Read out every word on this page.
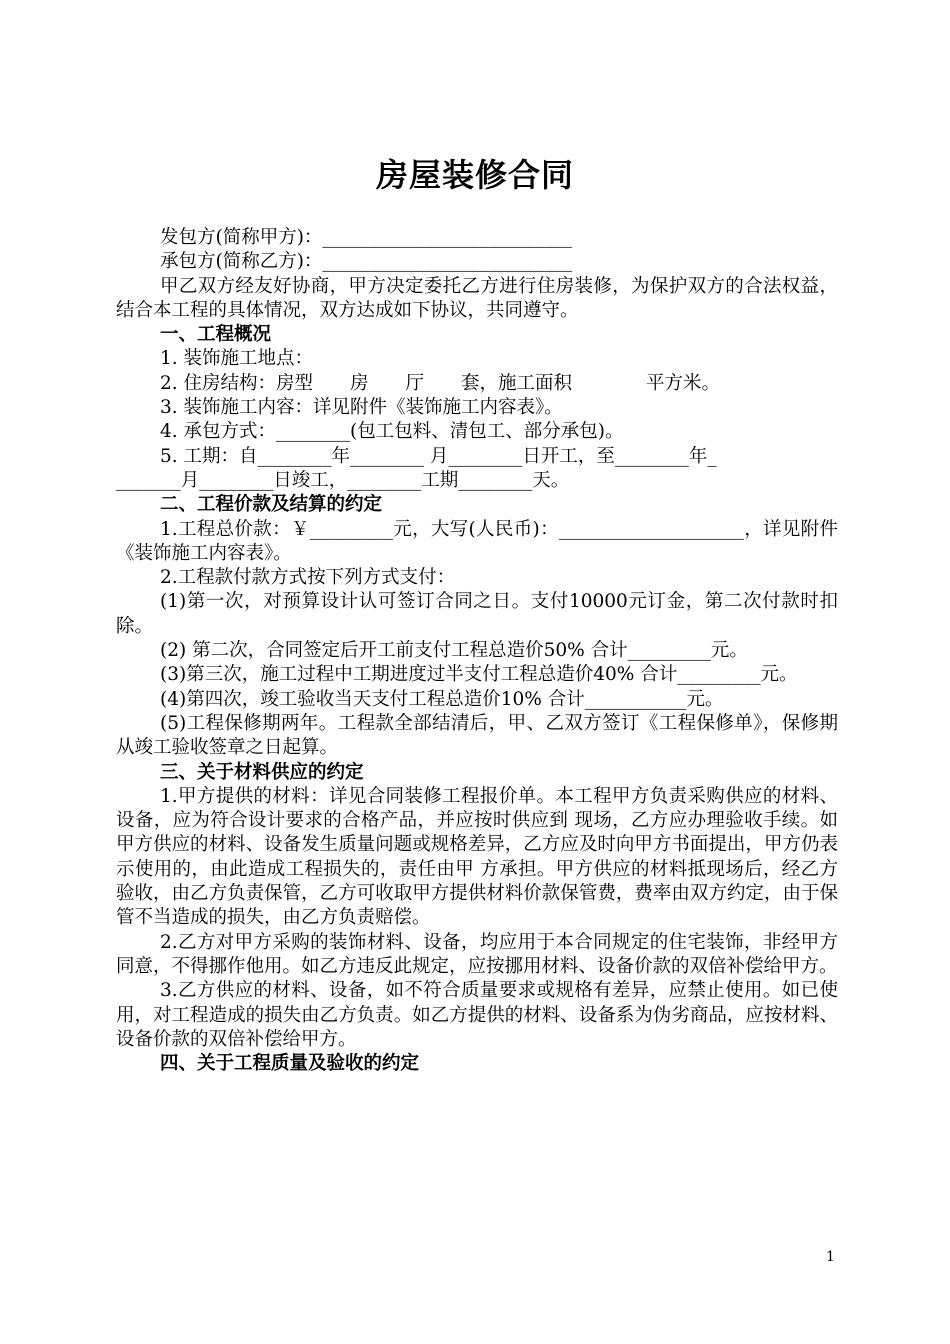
房屋装修合同

发包方(简称甲方)：___________________________

承包方(简称乙方)：___________________________

甲乙双方经友好协商，甲方决定委托乙方进行住房装修，为保护双方的合法权益，结合本工程的具体情况，双方达成如下协议，共同遵守。

一、工程概况

1. 装饰施工地点：

2. 住房结构：房型　　房　　厅　　套，施工面积　　　　平方米。

3. 装饰施工内容：详见附件《装饰施工内容表》。

4. 承包方式：________(包工包料、清包工、部分承包)。

5. 工期：自________年________ 月________日开工，至________年_

_______月________日竣工，________工期________天。

二、工程价款及结算的约定

1.工程总价款：￥_________元，大写(人民币)：____________________，详见附件《装饰施工内容表》。

2.工程款付款方式按下列方式支付：

(1)第一次，对预算设计认可签订合同之日。支付10000元订金，第二次付款时扣除。

(2) 第二次，合同签定后开工前支付工程总造价50% 合计_________元。

(3)第三次，施工过程中工期进度过半支付工程总造价40% 合计_________元。

(4)第四次，竣工验收当天支付工程总造价10% 合计___________元。

(5)工程保修期两年。工程款全部结清后，甲、乙双方签订《工程保修单》，保修期从竣工验收签章之日起算。

三、关于材料供应的约定

1.甲方提供的材料：详见合同装修工程报价单。本工程甲方负责采购供应的材料、设备，应为符合设计要求的合格产品，并应按时供应到 现场，乙方应办理验收手续。如甲方供应的材料、设备发生质量问题或规格差异，乙方应及时向甲方书面提出，甲方仍表示使用的，由此造成工程损失的，责任由甲 方承担。甲方供应的材料抵现场后，经乙方验收，由乙方负责保管，乙方可收取甲方提供材料价款保管费，费率由双方约定，由于保管不当造成的损失，由乙方负责赔偿。

2.乙方对甲方采购的装饰材料、设备，均应用于本合同规定的住宅装饰，非经甲方同意，不得挪作他用。如乙方违反此规定，应按挪用材料、设备价款的双倍补偿给甲方。

3.乙方供应的材料、设备，如不符合质量要求或规格有差异，应禁止使用。如已使用，对工程造成的损失由乙方负责。如乙方提供的材料、设备系为伪劣商品，应按材料、设备价款的双倍补偿给甲方。

四、关于工程质量及验收的约定

1
